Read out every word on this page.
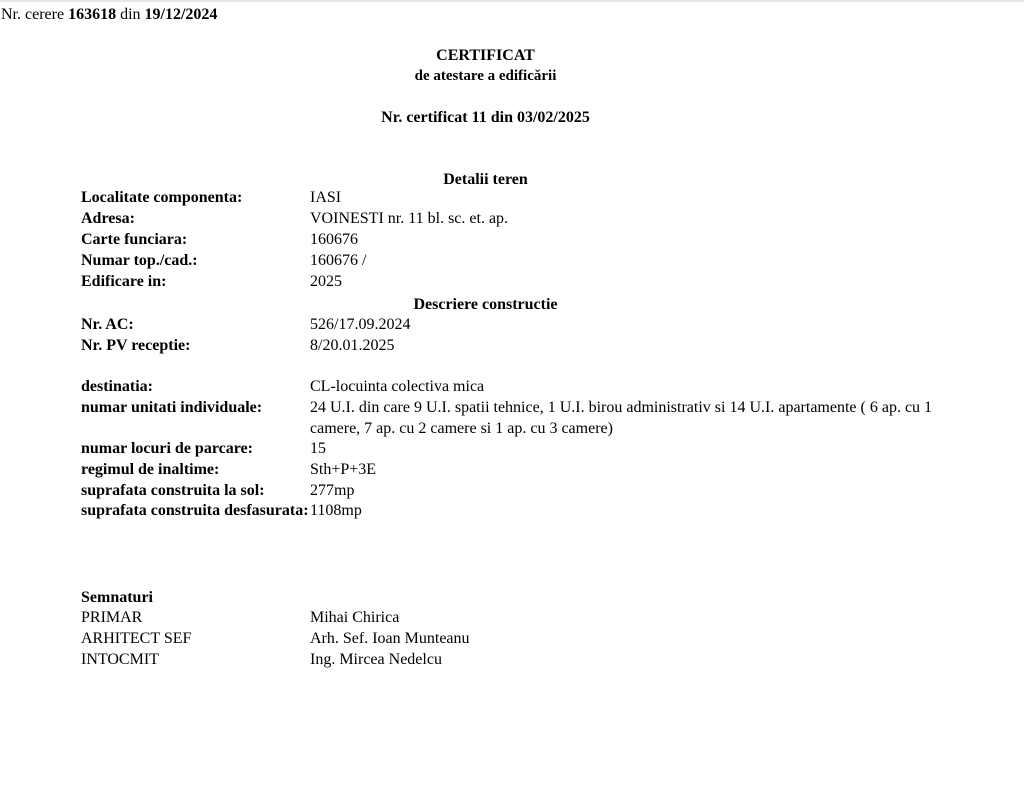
Nr. cerere 163618 din 19/12/2024
CERTIFICAT
de atestare a edificării
Nr. certificat 11 din 03/02/2025
Detalii teren
Localitate componenta:	IASI
Adresa:	VOINESTI nr. 11 bl. sc. et. ap.
Carte funciara:	160676
Numar top./cad.:	160676 /
Edificare in:	2025
Descriere constructie
Nr. AC:	526/17.09.2024
Nr. PV receptie:	8/20.01.2025
destinatia:	CL-locuinta colectiva mica
numar unitati individuale:	24 U.I. din care 9 U.I. spatii tehnice, 1 U.I. birou administrativ si 14 U.I. apartamente ( 6 ap. cu 1 camere, 7 ap. cu 2 camere si 1 ap. cu 3 camere)
numar locuri de parcare:	15
regimul de inaltime:	Sth+P+3E
suprafata construita la sol:	277mp
suprafata construita desfasurata: 1108mp
Semnaturi
PRIMAR	Mihai Chirica
ARHITECT SEF	Arh. Sef. Ioan Munteanu
INTOCMIT	Ing. Mircea Nedelcu
